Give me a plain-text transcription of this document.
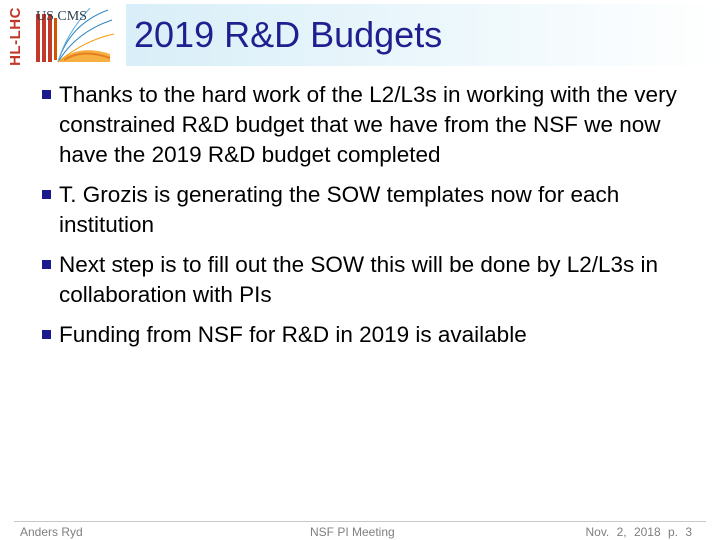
HL-LHC US CMS 2019 R&D Budgets
Thanks to the hard work of the L2/L3s in working with the very constrained R&D budget that we have from the NSF we now have the 2019 R&D budget completed
T. Grozis is generating the SOW templates now for each institution
Next step is to fill out the SOW this will be done by L2/L3s in collaboration with PIs
Funding from NSF for R&D in 2019 is available
Anders Ryd	NSF PI Meeting	Nov. 2, 2018 p. 3
